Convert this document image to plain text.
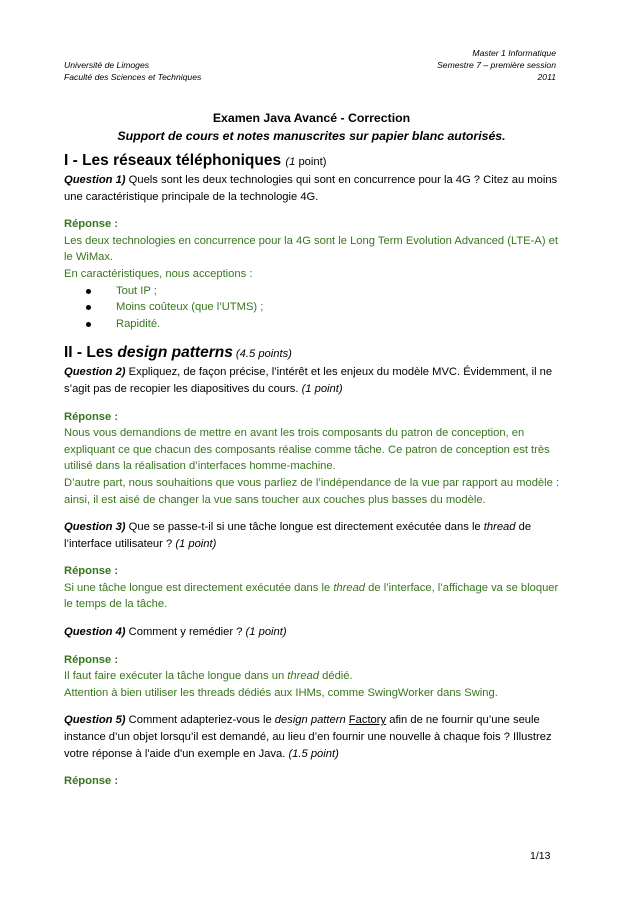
Université de Limoges
Faculté des Sciences et Techniques
Master 1 Informatique
Semestre 7 – première session
2011
Examen Java Avancé - Correction
Support de cours et notes manuscrites sur papier blanc autorisés.
I - Les réseaux téléphoniques (1 point)

Question 1) Quels sont les deux technologies qui sont en concurrence pour la 4G ? Citez au moins une caractéristique principale de la technologie 4G.

Réponse :
Les deux technologies en concurrence pour la 4G sont le Long Term Evolution Advanced (LTE-A) et le WiMax.
En caractéristiques, nous acceptions :
Tout IP ;
Moins coûteux (que l’UTMS) ;
Rapidité.
II - Les design patterns (4.5 points)

Question 2) Expliquez, de façon précise, l’intérêt et les enjeux du modèle MVC. Évidemment, il ne s’agit pas de recopier les diapositives du cours. (1 point)

Réponse :
Nous vous demandions de mettre en avant les trois composants du patron de conception, en expliquant ce que chacun des composants réalise comme tâche. Ce patron de conception est très utilisé dans la réalisation d’interfaces homme-machine.
D’autre part, nous souhaitions que vous parliez de l’indépendance de la vue par rapport au modèle : ainsi, il est aisé de changer la vue sans toucher aux couches plus basses du modèle.

Question 3) Que se passe-t-il si une tâche longue est directement exécutée dans le thread de l’interface utilisateur ? (1 point)

Réponse :
Si une tâche longue est directement exécutée dans le thread de l’interface, l’affichage va se bloquer le temps de la tâche.

Question 4) Comment y remédier ? (1 point)

Réponse :
Il faut faire exécuter la tâche longue dans un thread dédié.
Attention à bien utiliser les threads dédiés aux IHMs, comme SwingWorker dans Swing.

Question 5) Comment adapteriez-vous le design pattern Factory afin de ne fournir qu’une seule instance d’un objet lorsqu’il est demandé, au lieu d’en fournir une nouvelle à chaque fois ? Illustrez votre réponse à l'aide d'un exemple en Java. (1.5 point)

Réponse :
1/13
